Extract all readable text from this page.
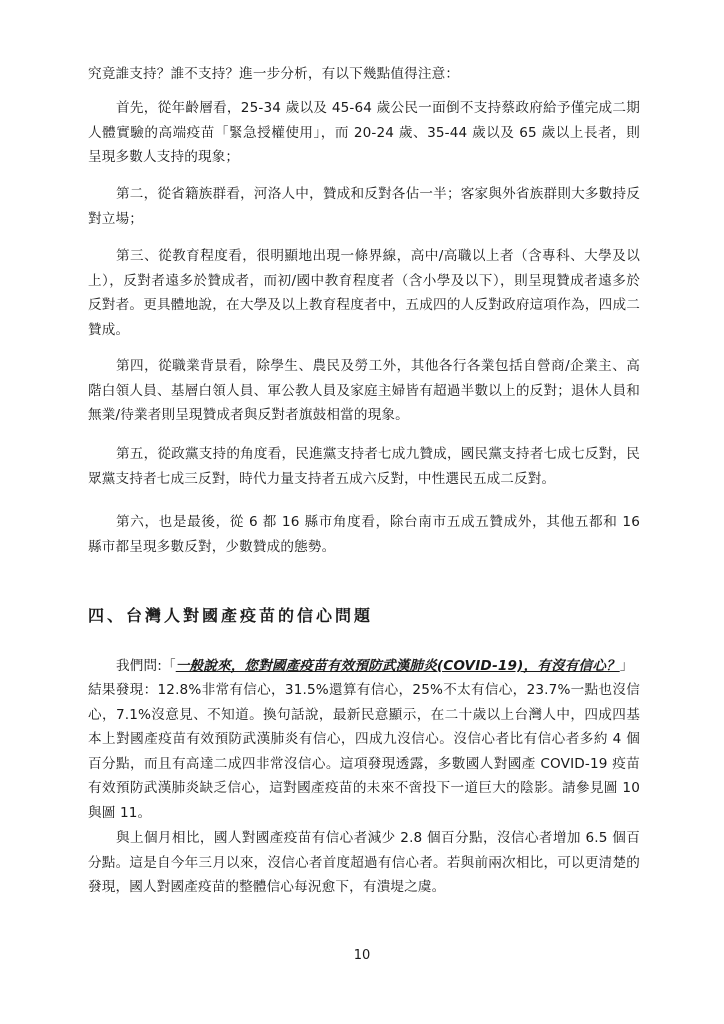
究竟誰支持？誰不支持？進一步分析，有以下幾點值得注意：

首先，從年齡層看，25-34 歲以及 45-64 歲公民一面倒不支持蔡政府給予僅完成二期人體實驗的高端疫苗「緊急授權使用」，而 20-24 歲、35-44 歲以及 65 歲以上長者，則呈現多數人支持的現象；

第二，從省籍族群看，河洛人中，贊成和反對各佔一半；客家與外省族群則大多數持反對立場；

第三、從教育程度看，很明顯地出現一條界線，高中/高職以上者（含專科、大學及以上），反對者遠多於贊成者，而初/國中教育程度者（含小學及以下），則呈現贊成者遠多於反對者。更具體地說，在大學及以上教育程度者中，五成四的人反對政府這項作為，四成二贊成。

第四，從職業背景看，除學生、農民及勞工外，其他各行各業包括自營商/企業主、高階白領人員、基層白領人員、軍公教人員及家庭主婦皆有超過半數以上的反對；退休人員和無業/待業者則呈現贊成者與反對者旗鼓相當的現象。

第五，從政黨支持的角度看，民進黨支持者七成九贊成，國民黨支持者七成七反對，民眾黨支持者七成三反對，時代力量支持者五成六反對，中性選民五成二反對。

第六，也是最後，從 6 都 16 縣市角度看，除台南市五成五贊成外，其他五都和 16 縣市都呈現多數反對，少數贊成的態勢。

四、台灣人對國產疫苗的信心問題

我們問:「一般說來，您對國產疫苗有效預防武漢肺炎(COVID-19)，有沒有信心？」

結果發現：12.8%非常有信心，31.5%還算有信心，25%不太有信心，23.7%一點也沒信心，7.1%沒意見、不知道。換句話說，最新民意顯示，在二十歲以上台灣人中，四成四基本上對國產疫苗有效預防武漢肺炎有信心，四成九沒信心。沒信心者比有信心者多約 4 個百分點，而且有高達二成四非常沒信心。這項發現透露，多數國人對國產 COVID-19 疫苗有效預防武漢肺炎缺乏信心，這對國產疫苗的未來不啻投下一道巨大的陰影。請參見圖 10 與圖 11。

與上個月相比，國人對國產疫苗有信心者減少 2.8 個百分點，沒信心者增加 6.5 個百分點。這是自今年三月以來，沒信心者首度超過有信心者。若與前兩次相比，可以更清楚的發現，國人對國產疫苗的整體信心每況愈下，有潰堤之虞。

10
